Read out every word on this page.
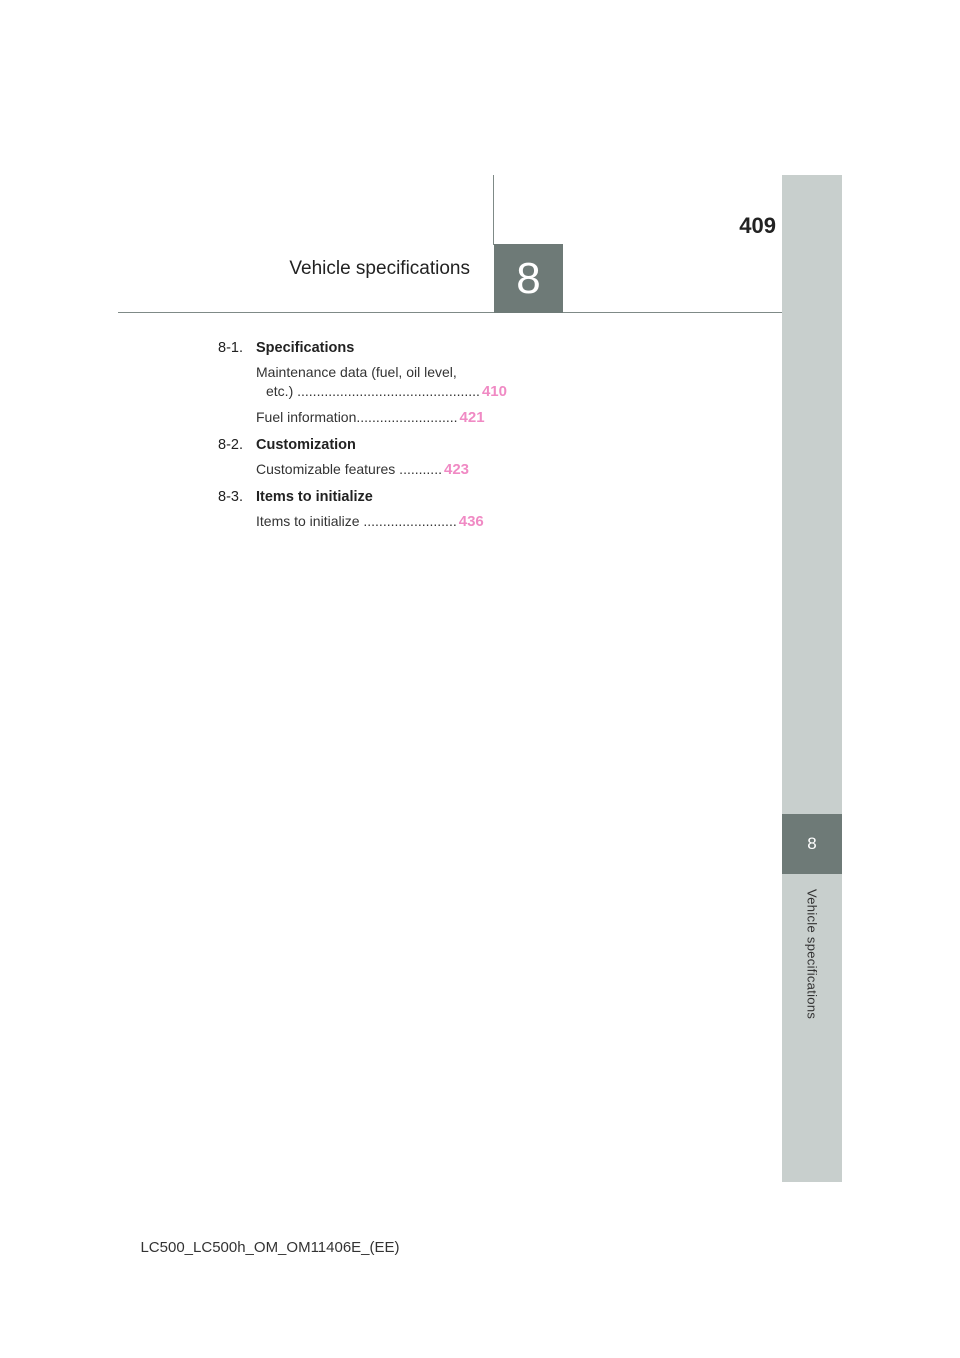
8
Vehicle specifications
8
Vehicle specifications
409
8-1. Specifications
Maintenance data (fuel, oil level,
etc.) ............................................... 410
Fuel information.......................... 421
8-2. Customization
Customizable features ........... 423
8-3. Items to initialize
Items to initialize ........................ 436
LC500_LC500h_OM_OM11406E_(EE)
